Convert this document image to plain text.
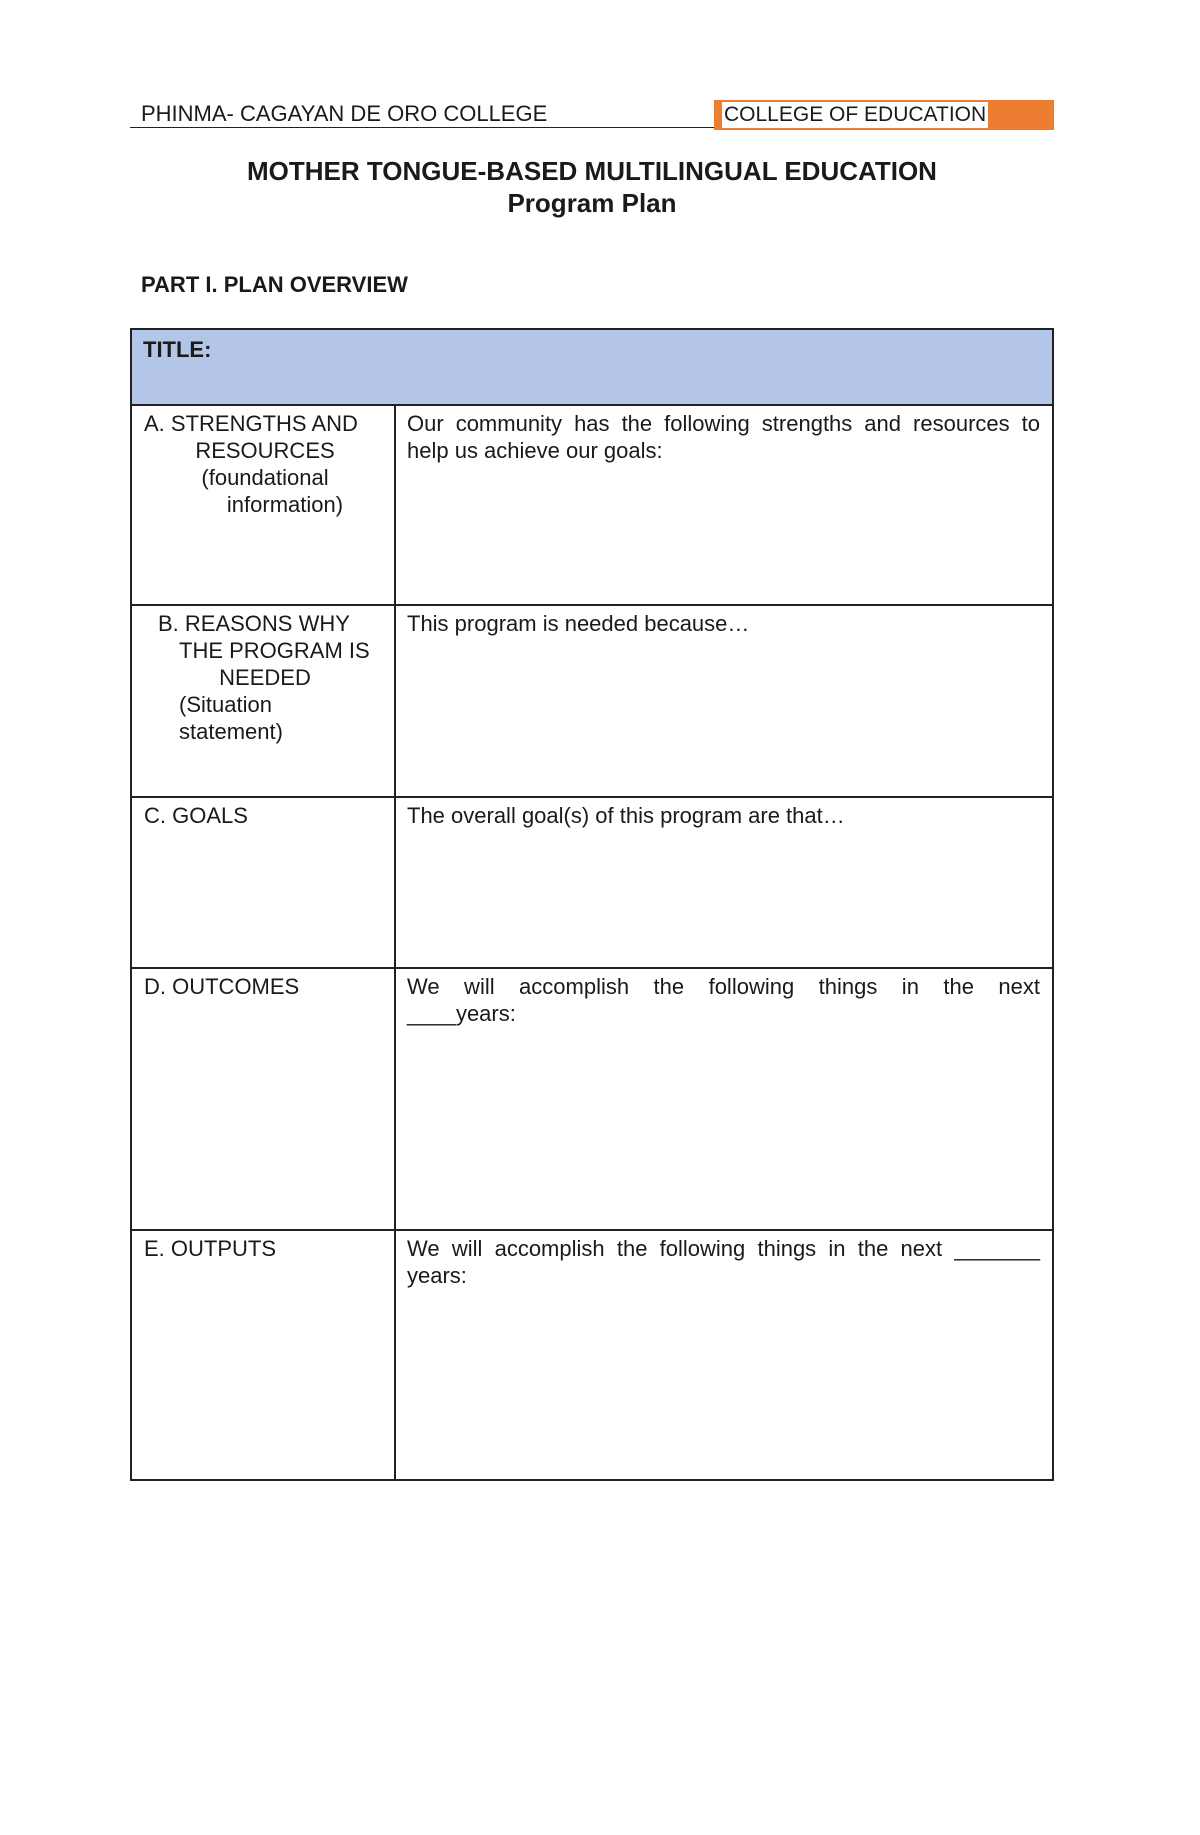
PHINMA- CAGAYAN DE ORO COLLEGE	COLLEGE OF EDUCATION
MOTHER TONGUE-BASED MULTILINGUAL EDUCATION
Program Plan
PART I. PLAN OVERVIEW
TITLE:	

A. STRENGTHS AND
RESOURCES
(foundational
information)	Our community has the following strengths and resources to help us achieve our goals:

B. REASONS WHY
THE PROGRAM IS
NEEDED
(Situation
statement)	This program is needed because…

C. GOALS	The overall goal(s) of this program are that…

D. OUTCOMES	We will accomplish the following things in the next ____years:

E. OUTPUTS	We will accomplish the following things in the next _______ years:
